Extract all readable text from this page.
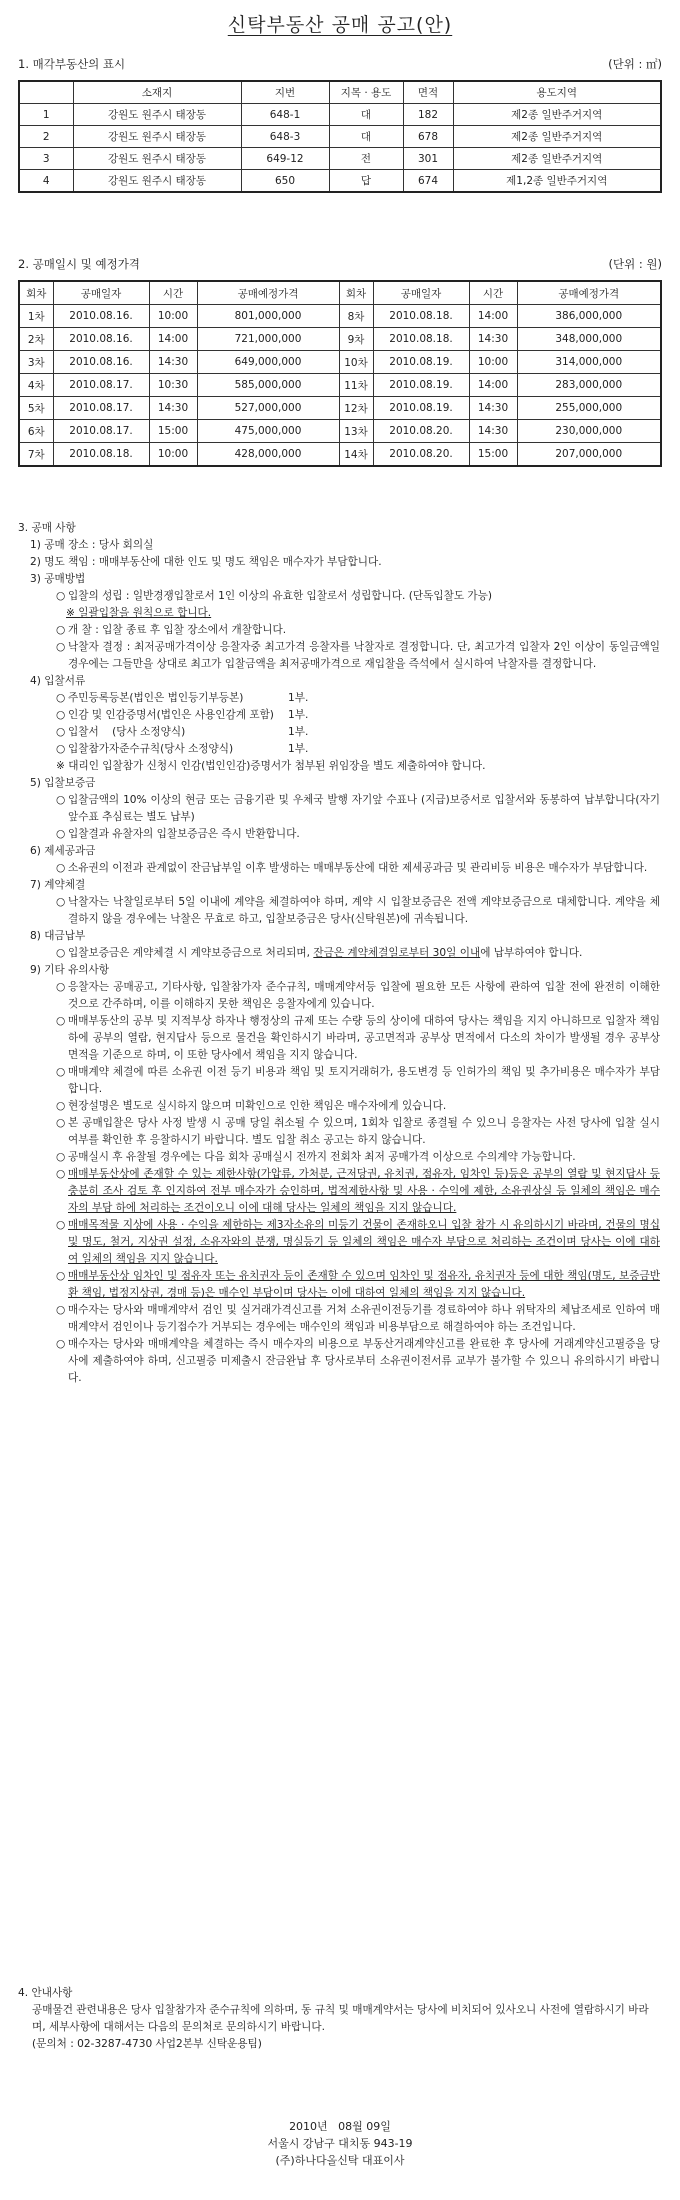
신탁부동산 공매 공고(안)
1. 매각부동산의 표시	(단위 : ㎡)
	소재지	지번	지목 · 용도	면적	용도지역
1	강원도 원주시 태장동	648-1	대	182	제2종 일반주거지역
2	강원도 원주시 태장동	648-3	대	678	제2종 일반주거지역
3	강원도 원주시 태장동	649-12	전	301	제2종 일반주거지역
4	강원도 원주시 태장동	650	답	674	제1,2종 일반주거지역
2. 공매일시 및 예정가격	(단위 : 원)
회차	공매일자	시간	공매예정가격	회차	공매일자	시간	공매예정가격
1차	2010.08.16.	10:00	801,000,000	8차	2010.08.18.	14:00	386,000,000
2차	2010.08.16.	14:00	721,000,000	9차	2010.08.18.	14:30	348,000,000
3차	2010.08.16.	14:30	649,000,000	10차	2010.08.19.	10:00	314,000,000
4차	2010.08.17.	10:30	585,000,000	11차	2010.08.19.	14:00	283,000,000
5차	2010.08.17.	14:30	527,000,000	12차	2010.08.19.	14:30	255,000,000
6차	2010.08.17.	15:00	475,000,000	13차	2010.08.20.	14:30	230,000,000
7차	2010.08.18.	10:00	428,000,000	14차	2010.08.20.	15:00	207,000,000
3. 공매 사항
1) 공매 장소 : 당사 회의실
2) 명도 책임 : 매매부동산에 대한 인도 및 명도 책임은 매수자가 부담합니다.
3) 공매방법
○ 입찰의 성립 : 일반경쟁입찰로서 1인 이상의 유효한 입찰로서 성립합니다. (단독입찰도 가능)
※ 일괄입찰을 원칙으로 합니다.
○ 개 찰 : 입찰 종료 후 입찰 장소에서 개찰합니다.
○ 낙찰자 결정 : 최저공매가격이상 응찰자중 최고가격 응찰자를 낙찰자로 결정합니다. 단, 최고가격 입찰자 2인 이상이 동일금액일 경우에는 그들만을 상대로 최고가 입찰금액을 최저공매가격으로 재입찰을 즉석에서 실시하여 낙찰자를 결정합니다.
4) 입찰서류
○ 주민등록등본(법인은 법인등기부등본)	1부.
○ 인감 및 인감증명서(법인은 사용인감계 포함) 1부.
○ 입찰서    (당사 소정양식)	1부.
○ 입찰참가자준수규칙(당사 소정양식)	1부.
※ 대리인 입찰참가 신청시 인감(법인인감)증명서가 첨부된 위임장을 별도 제출하여야 합니다.
5) 입찰보증금
○ 입찰금액의 10% 이상의 현금 또는 금융기관 및 우체국 발행 자기앞 수표나 (지급)보증서로 입찰서와 동봉하여 납부합니다(자기앞수표 추심료는 별도 납부)
○ 입찰결과 유찰자의 입찰보증금은 즉시 반환합니다.
6) 제세공과금
○ 소유권의 이전과 관계없이 잔금납부일 이후 발생하는 매매부동산에 대한 제세공과금 및 관리비등 비용은 매수자가 부담합니다.
7) 계약체결
○ 낙찰자는 낙찰일로부터 5일 이내에 계약을 체결하여야 하며, 계약 시 입찰보증금은 전액 계약보증금으로 대체합니다. 계약을 체결하지 않을 경우에는 낙찰은 무효로 하고, 입찰보증금은 당사(신탁원본)에 귀속됩니다.
8) 대금납부
○ 입찰보증금은 계약체결 시 계약보증금으로 처리되며, 잔금은 계약체결일로부터 30일 이내에 납부하여야 합니다.
9) 기타 유의사항
○ 응찰자는 공매공고, 기타사항, 입찰참가자 준수규칙, 매매계약서등 입찰에 필요한 모든 사항에 관하여 입찰 전에 완전히 이해한 것으로 간주하며, 이를 이해하지 못한 책임은 응찰자에게 있습니다.
○ 매매부동산의 공부 및 지적부상 하자나 행정상의 규제 또는 수량 등의 상이에 대하여 당사는 책임을 지지 아니하므로 입찰자 책임 하에 공부의 열람, 현지답사 등으로 물건을 확인하시기 바라며, 공고면적과 공부상 면적에서 다소의 차이가 발생될 경우 공부상 면적을 기준으로 하며, 이 또한 당사에서 책임을 지지 않습니다.
○ 매매계약 체결에 따른 소유권 이전 등기 비용과 책임 및 토지거래허가, 용도변경 등 인허가의 책임 및 추가비용은 매수자가 부담합니다.
○ 현장설명은 별도로 실시하지 않으며 미확인으로 인한 책임은 매수자에게 있습니다.
○ 본 공매입찰은 당사 사정 발생 시 공매 당일 취소될 수 있으며, 1회차 입찰로 종결될 수 있으니 응찰자는 사전 당사에 입찰 실시 여부를 확인한 후 응찰하시기 바랍니다. 별도 입찰 취소 공고는 하지 않습니다.
○ 공매실시 후 유찰될 경우에는 다음 회차 공매실시 전까지 전회차 최저 공매가격 이상으로 수의계약 가능합니다.
○ 매매부동산상에 존재할 수 있는 제한사항(가압류, 가처분, 근저당권, 유치권, 점유자, 임차인 등)등은 공부의 열람 및 현지답사 등 충분히 조사 검토 후 인지하여 전부 매수자가 승인하며, 법적제한사항 및 사용 · 수익에 제한, 소유권상실 등 일체의 책임은 매수자의 부담 하에 처리하는 조건이오니 이에 대해 당사는 일체의 책임을 지지 않습니다.
○ 매매목적물 지상에 사용 · 수익을 제한하는 제3자소유의 미등기 건물이 존재하오니 입찰 참가 시 유의하시기 바라며, 건물의 명십 및 명도, 철거, 지상권 설정, 소유자와의 분쟁, 명실등기 등 일체의 책임은 매수자 부담으로 처리하는 조건이며 당사는 이에 대하여 일체의 책임을 지지 않습니다.
○ 매매부동산상 임차인 및 점유자 또는 유치권자 등이 존재할 수 있으며 임차인 및 점유자, 유치권자 등에 대한 책임(명도, 보증금반환 책임, 법정지상권, 경매 등)은 매수인 부담이며 당사는 이에 대하여 일체의 책임을 지지 않습니다.
○ 매수자는 당사와 매매계약서 검인 및 실거래가격신고를 거쳐 소유권이전등기를 경료하여야 하나 위탁자의 체납조세로 인하여 매매계약서 검인이나 등기접수가 거부되는 경우에는 매수인의 책임과 비용부담으로 해결하여야 하는 조건입니다.
○ 매수자는 당사와 매매계약을 체결하는 즉시 매수자의 비용으로 부동산거래계약신고를 완료한 후 당사에 거래계약신고필증을 당사에 제출하여야 하며, 신고필증 미제출시 잔금완납 후 당사로부터 소유권이전서류 교부가 불가할 수 있으니 유의하시기 바랍니다.
4. 안내사항
공매물건 관련내용은 당사 입찰참가자 준수규칙에 의하며, 동 규칙 및 매매계약서는 당사에 비치되어 있사오니 사전에 열람하시기 바라며, 세부사항에 대해서는 다음의 문의처로 문의하시기 바랍니다.
(문의처 : 02-3287-4730 사업2본부 신탁운용팀)
2010년   08월 09일
서울시 강남구 대치동 943-19
(주)하나다올신탁 대표이사
